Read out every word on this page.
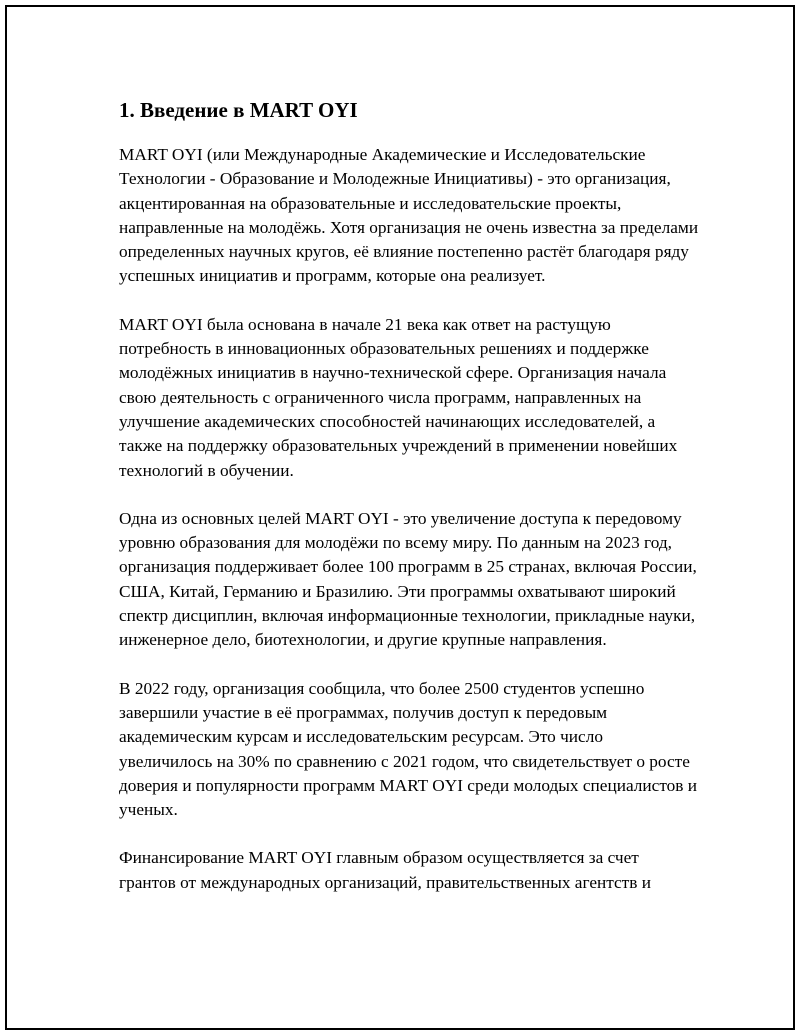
1. Введение в MART OYI

MART OYI (или Международные Академические и Исследовательские Технологии - Образование и Молодежные Инициативы) - это организация, акцентированная на образовательные и исследовательские проекты, направленные на молодёжь. Хотя организация не очень известна за пределами определенных научных кругов, её влияние постепенно растёт благодаря ряду успешных инициатив и программ, которые она реализует.

MART OYI была основана в начале 21 века как ответ на растущую потребность в инновационных образовательных решениях и поддержке молодёжных инициатив в научно-технической сфере. Организация начала свою деятельность с ограниченного числа программ, направленных на улучшение академических способностей начинающих исследователей, а также на поддержку образовательных учреждений в применении новейших технологий в обучении.

Одна из основных целей MART OYI - это увеличение доступа к передовому уровню образования для молодёжи по всему миру. По данным на 2023 год, организация поддерживает более 100 программ в 25 странах, включая России, США, Китай, Германию и Бразилию. Эти программы охватывают широкий спектр дисциплин, включая информационные технологии, прикладные науки, инженерное дело, биотехнологии, и другие крупные направления.

В 2022 году, организация сообщила, что более 2500 студентов успешно завершили участие в её программах, получив доступ к передовым академическим курсам и исследовательским ресурсам. Это число увеличилось на 30% по сравнению с 2021 годом, что свидетельствует о росте доверия и популярности программ MART OYI среди молодых специалистов и ученых.

Финансирование MART OYI главным образом осуществляется за счет грантов от международных организаций, правительственных агентств и
